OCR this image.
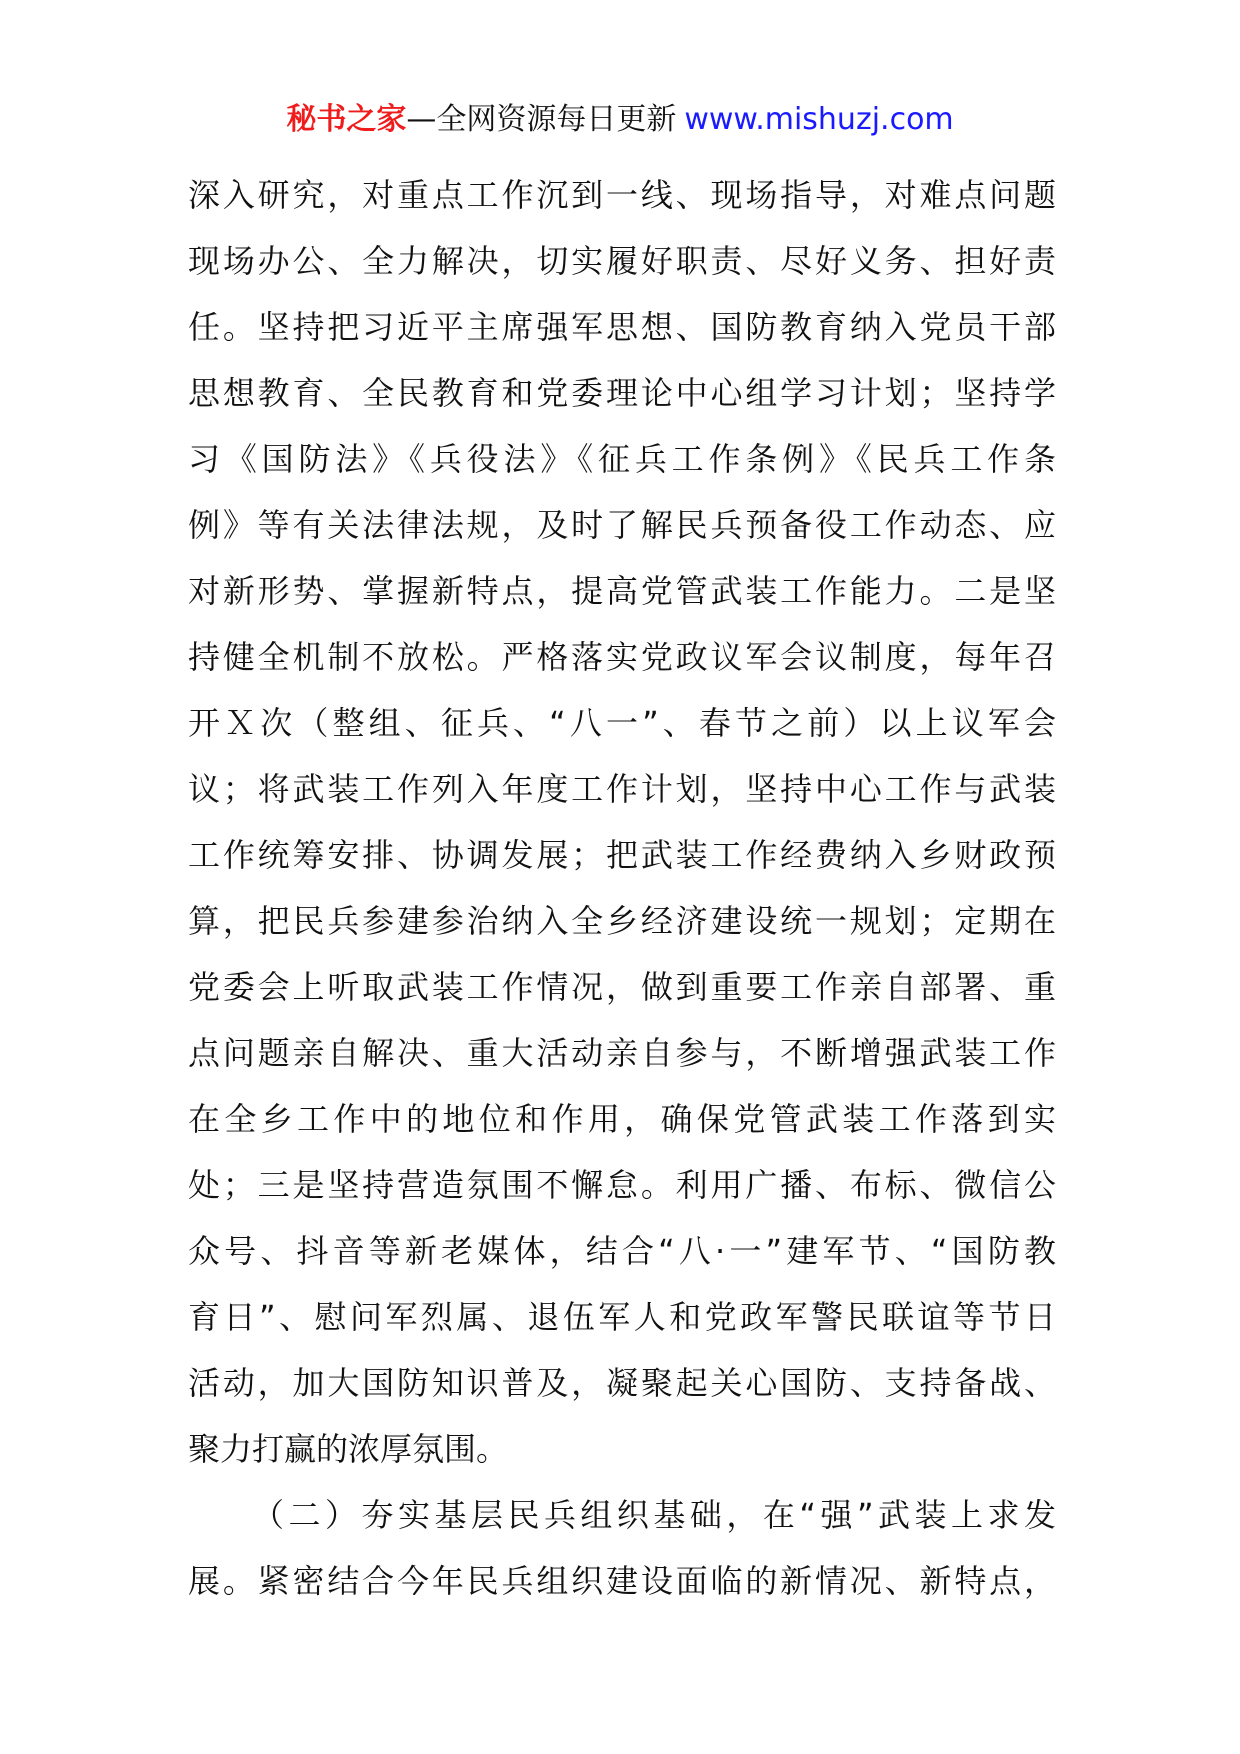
秘书之家—全网资源每日更新 www.mishuzj.com
深入研究，对重点工作沉到一线、现场指导，对难点问题
现场办公、全力解决，切实履好职责、尽好义务、担好责
任。坚持把习近平主席强军思想、国防教育纳入党员干部
思想教育、全民教育和党委理论中心组学习计划；坚持学
习《国防法》《兵役法》《征兵工作条例》《民兵工作条
例》等有关法律法规，及时了解民兵预备役工作动态、应
对新形势、掌握新特点，提高党管武装工作能力。二是坚
持健全机制不放松。严格落实党政议军会议制度，每年召
开Ｘ次（整组、征兵、“八一”、春节之前）以上议军会
议；将武装工作列入年度工作计划，坚持中心工作与武装
工作统筹安排、协调发展；把武装工作经费纳入乡财政预
算，把民兵参建参治纳入全乡经济建设统一规划；定期在
党委会上听取武装工作情况，做到重要工作亲自部署、重
点问题亲自解决、重大活动亲自参与，不断增强武装工作
在全乡工作中的地位和作用，确保党管武装工作落到实
处；三是坚持营造氛围不懈怠。利用广播、布标、微信公
众号、抖音等新老媒体，结合“八·一”建军节、“国防教
育日”、慰问军烈属、退伍军人和党政军警民联谊等节日
活动，加大国防知识普及，凝聚起关心国防、支持备战、
聚力打赢的浓厚氛围。
（二）夯实基层民兵组织基础，在“强”武装上求发
展。紧密结合今年民兵组织建设面临的新情况、新特点，
